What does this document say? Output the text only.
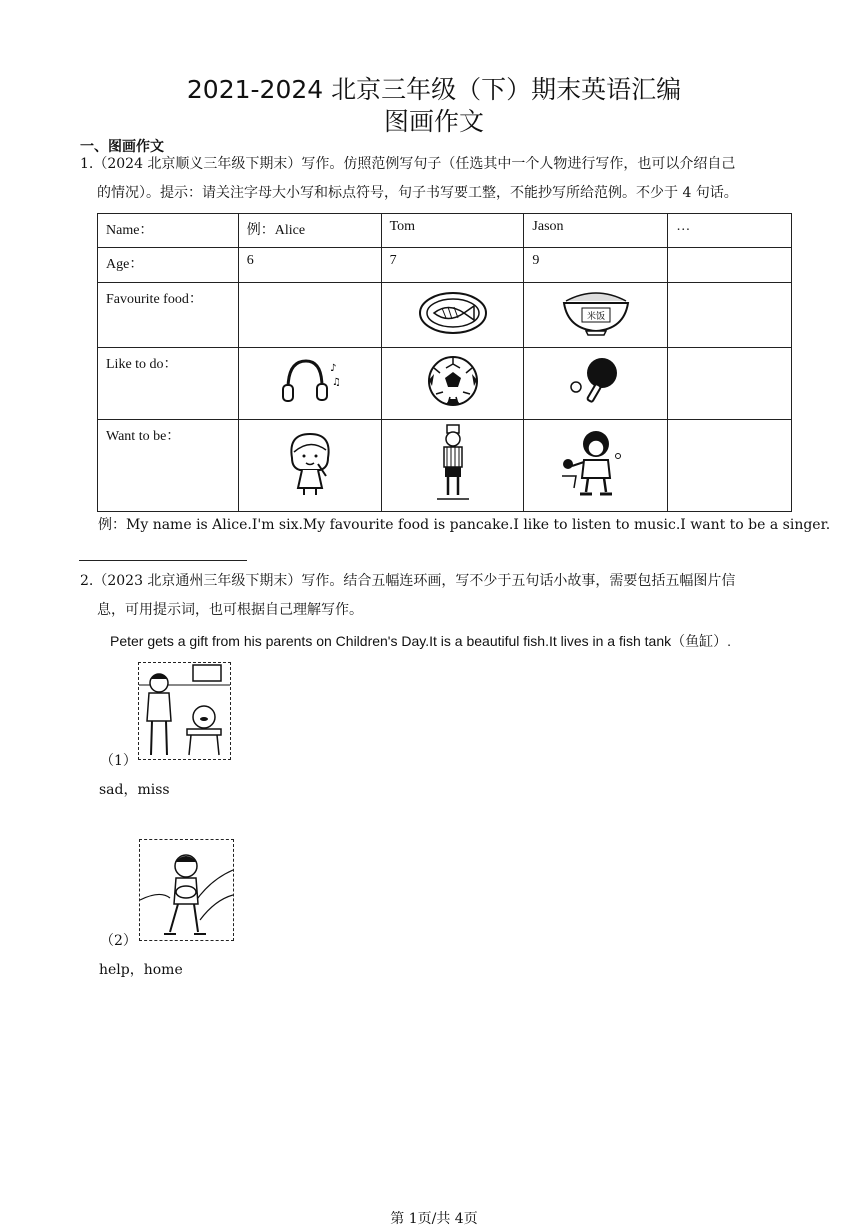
2021-2024 北京三年级（下）期末英语汇编
图画作文
一、图画作文
1.（2024 北京顺义三年级下期末）写作。仿照范例写句子（任选其中一个人物进行写作，也可以介绍自己
的情况）。提示：请关注字母大小写和标点符号，句子书写要工整，不能抄写所给范例。不少于 4 句话。
Name：	例：Alice	Tom	Jason	…
Age：	6	7	9	
Favourite food：			米饭	

Like to do：	♪
♫

Want to be：				
例：My name is Alice.I'm six.My favourite food is pancake.I like to listen to music.I want to be a singer.
2.（2023 北京通州三年级下期末）写作。结合五幅连环画，写不少于五句话小故事，需要包括五幅图片信
息，可用提示词，也可根据自己理解写作。
Peter gets a gift from his parents on Children's Day.It is a beautiful fish.It lives in a fish tank（鱼缸）.
（1）
sad，miss
（2）
help，home
第 1页/共 4页
